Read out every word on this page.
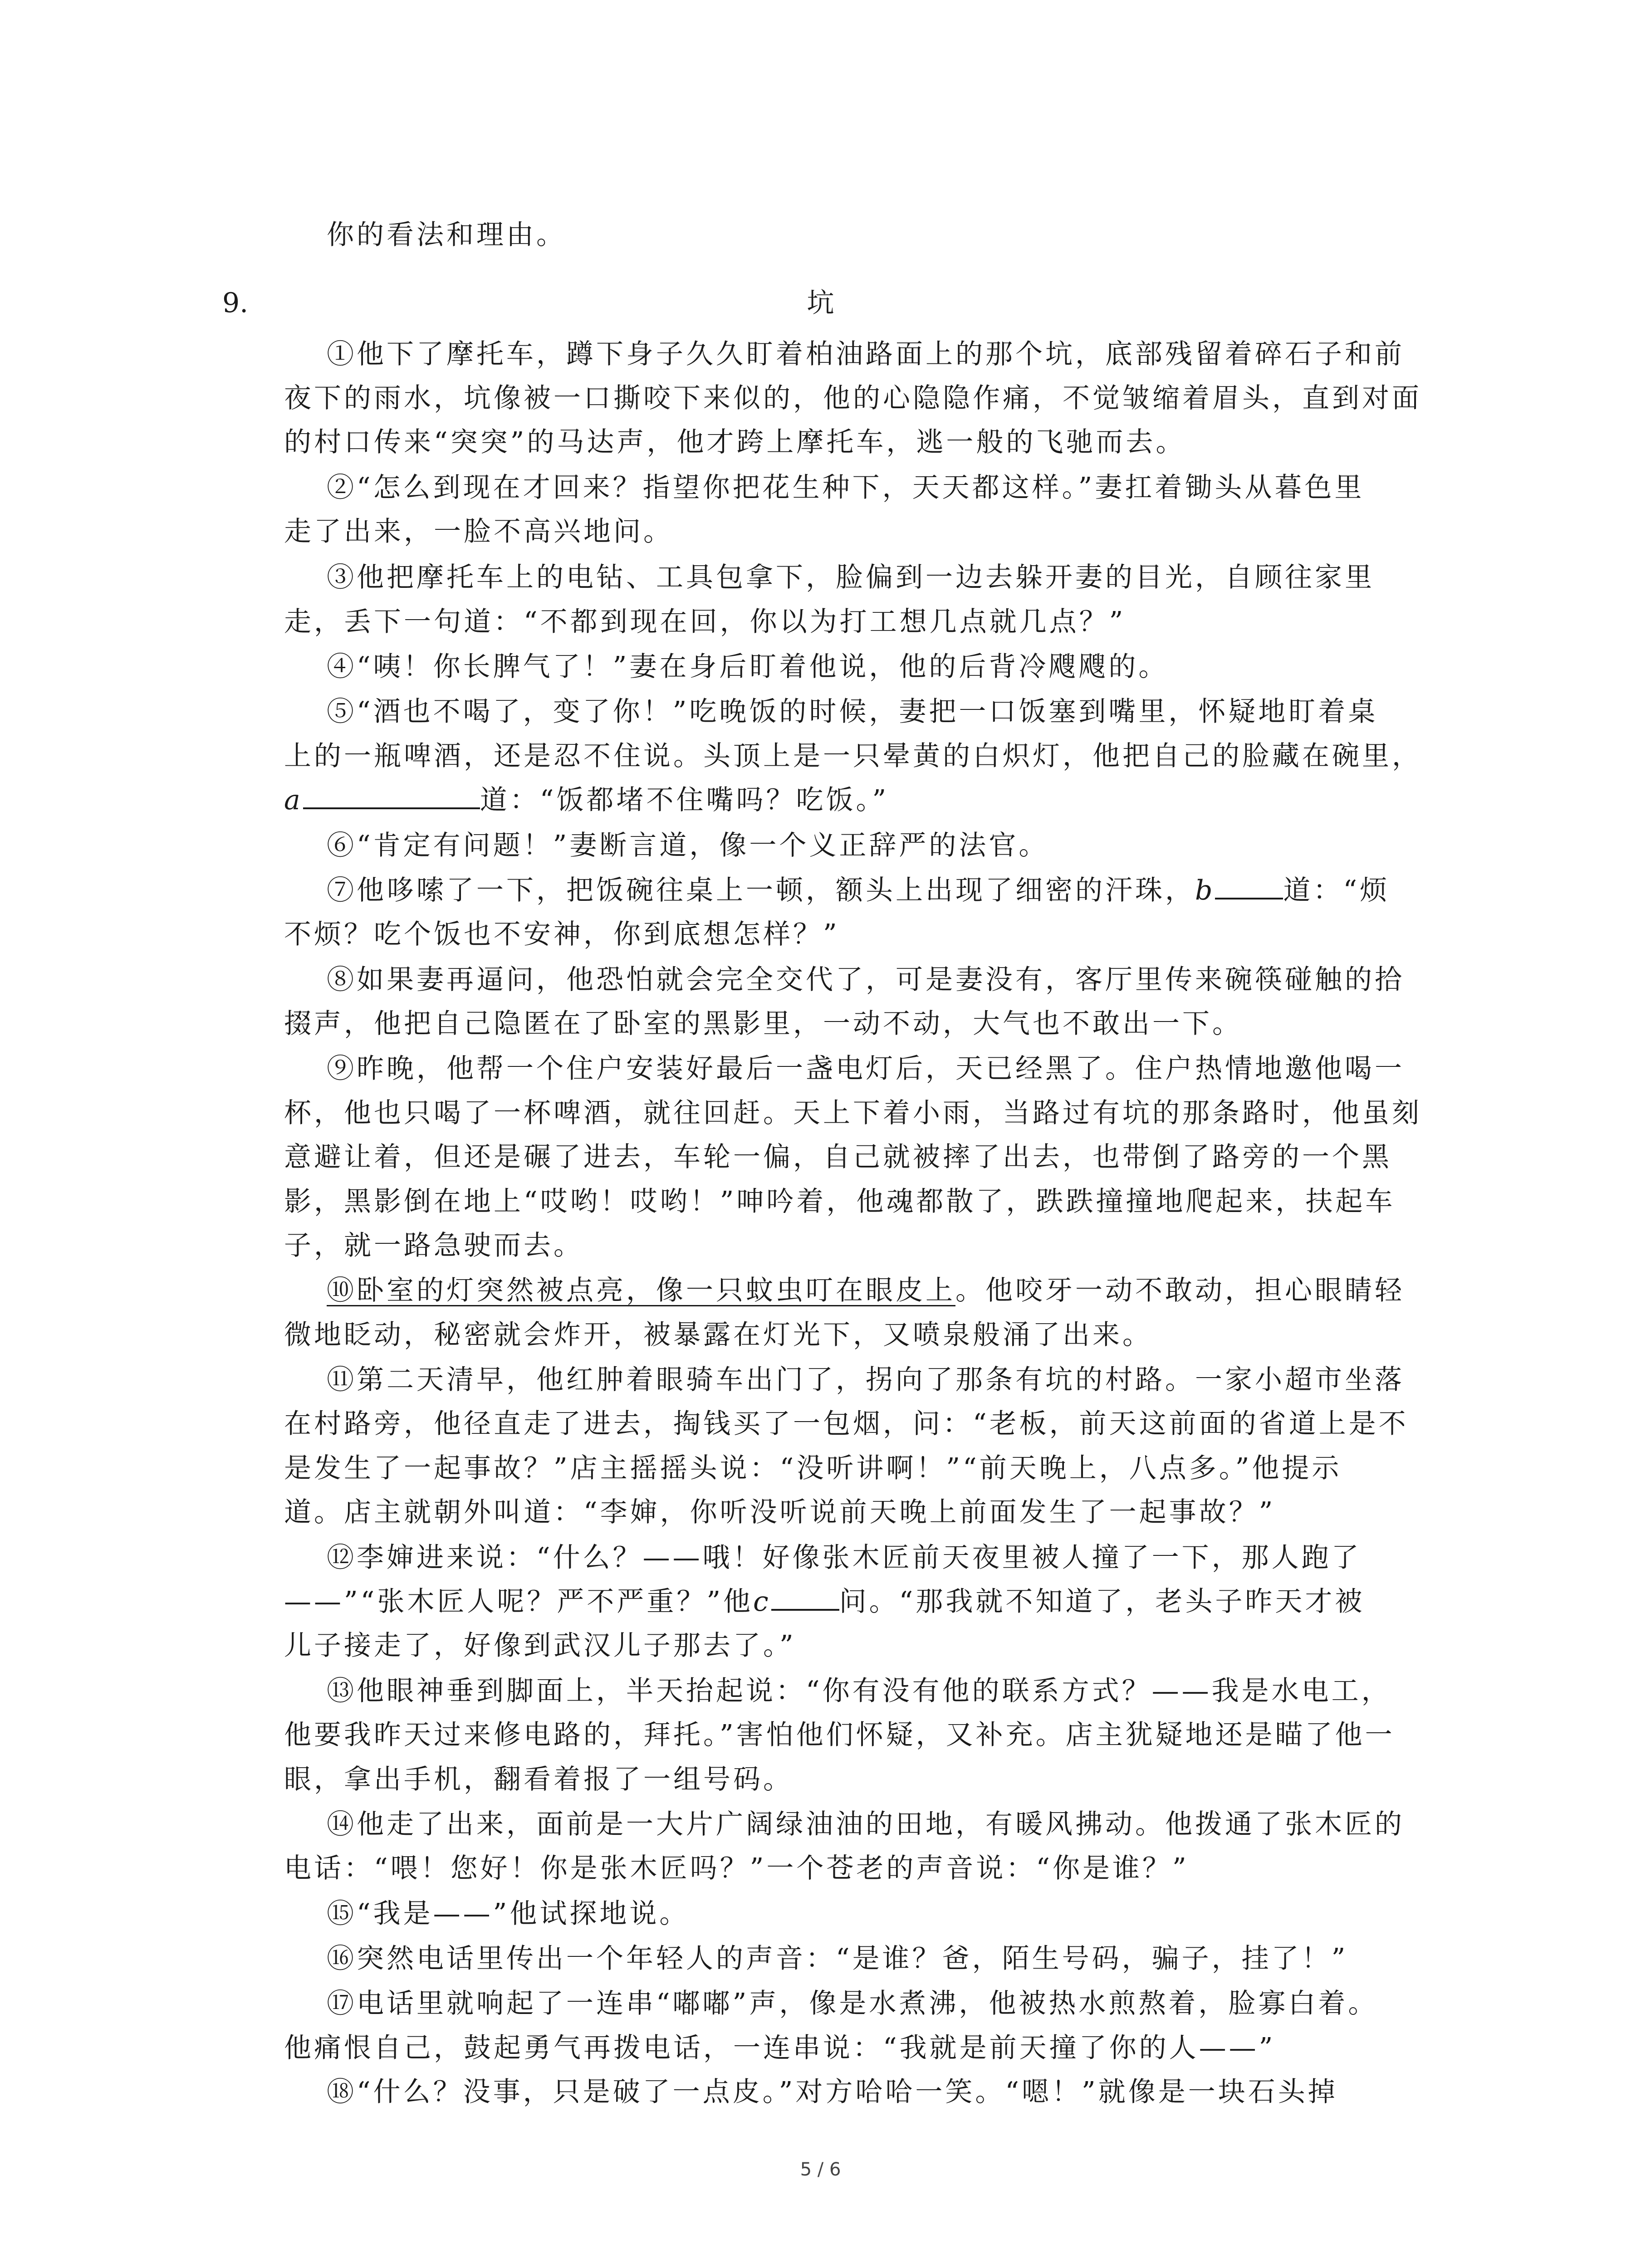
你的看法和理由。
9.	坑
①他下了摩托车，蹲下身子久久盯着柏油路面上的那个坑，底部残留着碎石子和前
夜下的雨水，坑像被一口撕咬下来似的，他的心隐隐作痛，不觉皱缩着眉头，直到对面
的村口传来“突突”的马达声，他才跨上摩托车，逃一般的飞驰而去。
②“怎么到现在才回来？指望你把花生种下，天天都这样。”妻扛着锄头从暮色里
走了出来，一脸不高兴地问。
③他把摩托车上的电钻、工具包拿下，脸偏到一边去躲开妻的目光，自顾往家里
走，丢下一句道：“不都到现在回，你以为打工想几点就几点？”
④“咦！你长脾气了！”妻在身后盯着他说，他的后背冷飕飕的。
⑤“酒也不喝了，变了你！”吃晚饭的时候，妻把一口饭塞到嘴里，怀疑地盯着桌
上的一瓶啤酒，还是忍不住说。头顶上是一只晕黄的白炽灯，他把自己的脸藏在碗里，
a	道：“饭都堵不住嘴吗？吃饭。”
⑥“肯定有问题！”妻断言道，像一个义正辞严的法官。
⑦他哆嗦了一下，把饭碗往桌上一顿，额头上出现了细密的汗珠，b	道：“烦
不烦？吃个饭也不安神，你到底想怎样？”
⑧如果妻再逼问，他恐怕就会完全交代了，可是妻没有，客厅里传来碗筷碰触的拾
掇声，他把自己隐匿在了卧室的黑影里，一动不动，大气也不敢出一下。
⑨昨晚，他帮一个住户安装好最后一盏电灯后，天已经黑了。住户热情地邀他喝一
杯，他也只喝了一杯啤酒，就往回赶。天上下着小雨，当路过有坑的那条路时，他虽刻
意避让着，但还是碾了进去，车轮一偏，自己就被摔了出去，也带倒了路旁的一个黑
影，黑影倒在地上“哎哟！哎哟！”呻吟着，他魂都散了，跌跌撞撞地爬起来，扶起车
子，就一路急驶而去。
⑩卧室的灯突然被点亮，像一只蚊虫叮在眼皮上。他咬牙一动不敢动，担心眼睛轻
微地眨动，秘密就会炸开，被暴露在灯光下，又喷泉般涌了出来。
⑪第二天清早，他红肿着眼骑车出门了，拐向了那条有坑的村路。一家小超市坐落
在村路旁，他径直走了进去，掏钱买了一包烟，问：“老板，前天这前面的省道上是不
是发生了一起事故？”店主摇摇头说：“没听讲啊！”“前天晚上，八点多。”他提示
道。店主就朝外叫道：“李婶，你听没听说前天晚上前面发生了一起事故？”
⑫李婶进来说：“什么？——哦！好像张木匠前天夜里被人撞了一下，那人跑了
——”“张木匠人呢？严不严重？”他c	问。“那我就不知道了，老头子昨天才被
儿子接走了，好像到武汉儿子那去了。”
⑬他眼神垂到脚面上，半天抬起说：“你有没有他的联系方式？——我是水电工，
他要我昨天过来修电路的，拜托。”害怕他们怀疑，又补充。店主犹疑地还是瞄了他一
眼，拿出手机，翻看着报了一组号码。
⑭他走了出来，面前是一大片广阔绿油油的田地，有暖风拂动。他拨通了张木匠的
电话：“喂！您好！你是张木匠吗？”一个苍老的声音说：“你是谁？”
⑮“我是——”他试探地说。
⑯突然电话里传出一个年轻人的声音：“是谁？爸，陌生号码，骗子，挂了！”
⑰电话里就响起了一连串“嘟嘟”声，像是水煮沸，他被热水煎熬着，脸寡白着。
他痛恨自己，鼓起勇气再拨电话，一连串说：“我就是前天撞了你的人——”
5 / 6
⑱“什么？没事，只是破了一点皮。”对方哈哈一笑。“嗯！”就像是一块石头掉
